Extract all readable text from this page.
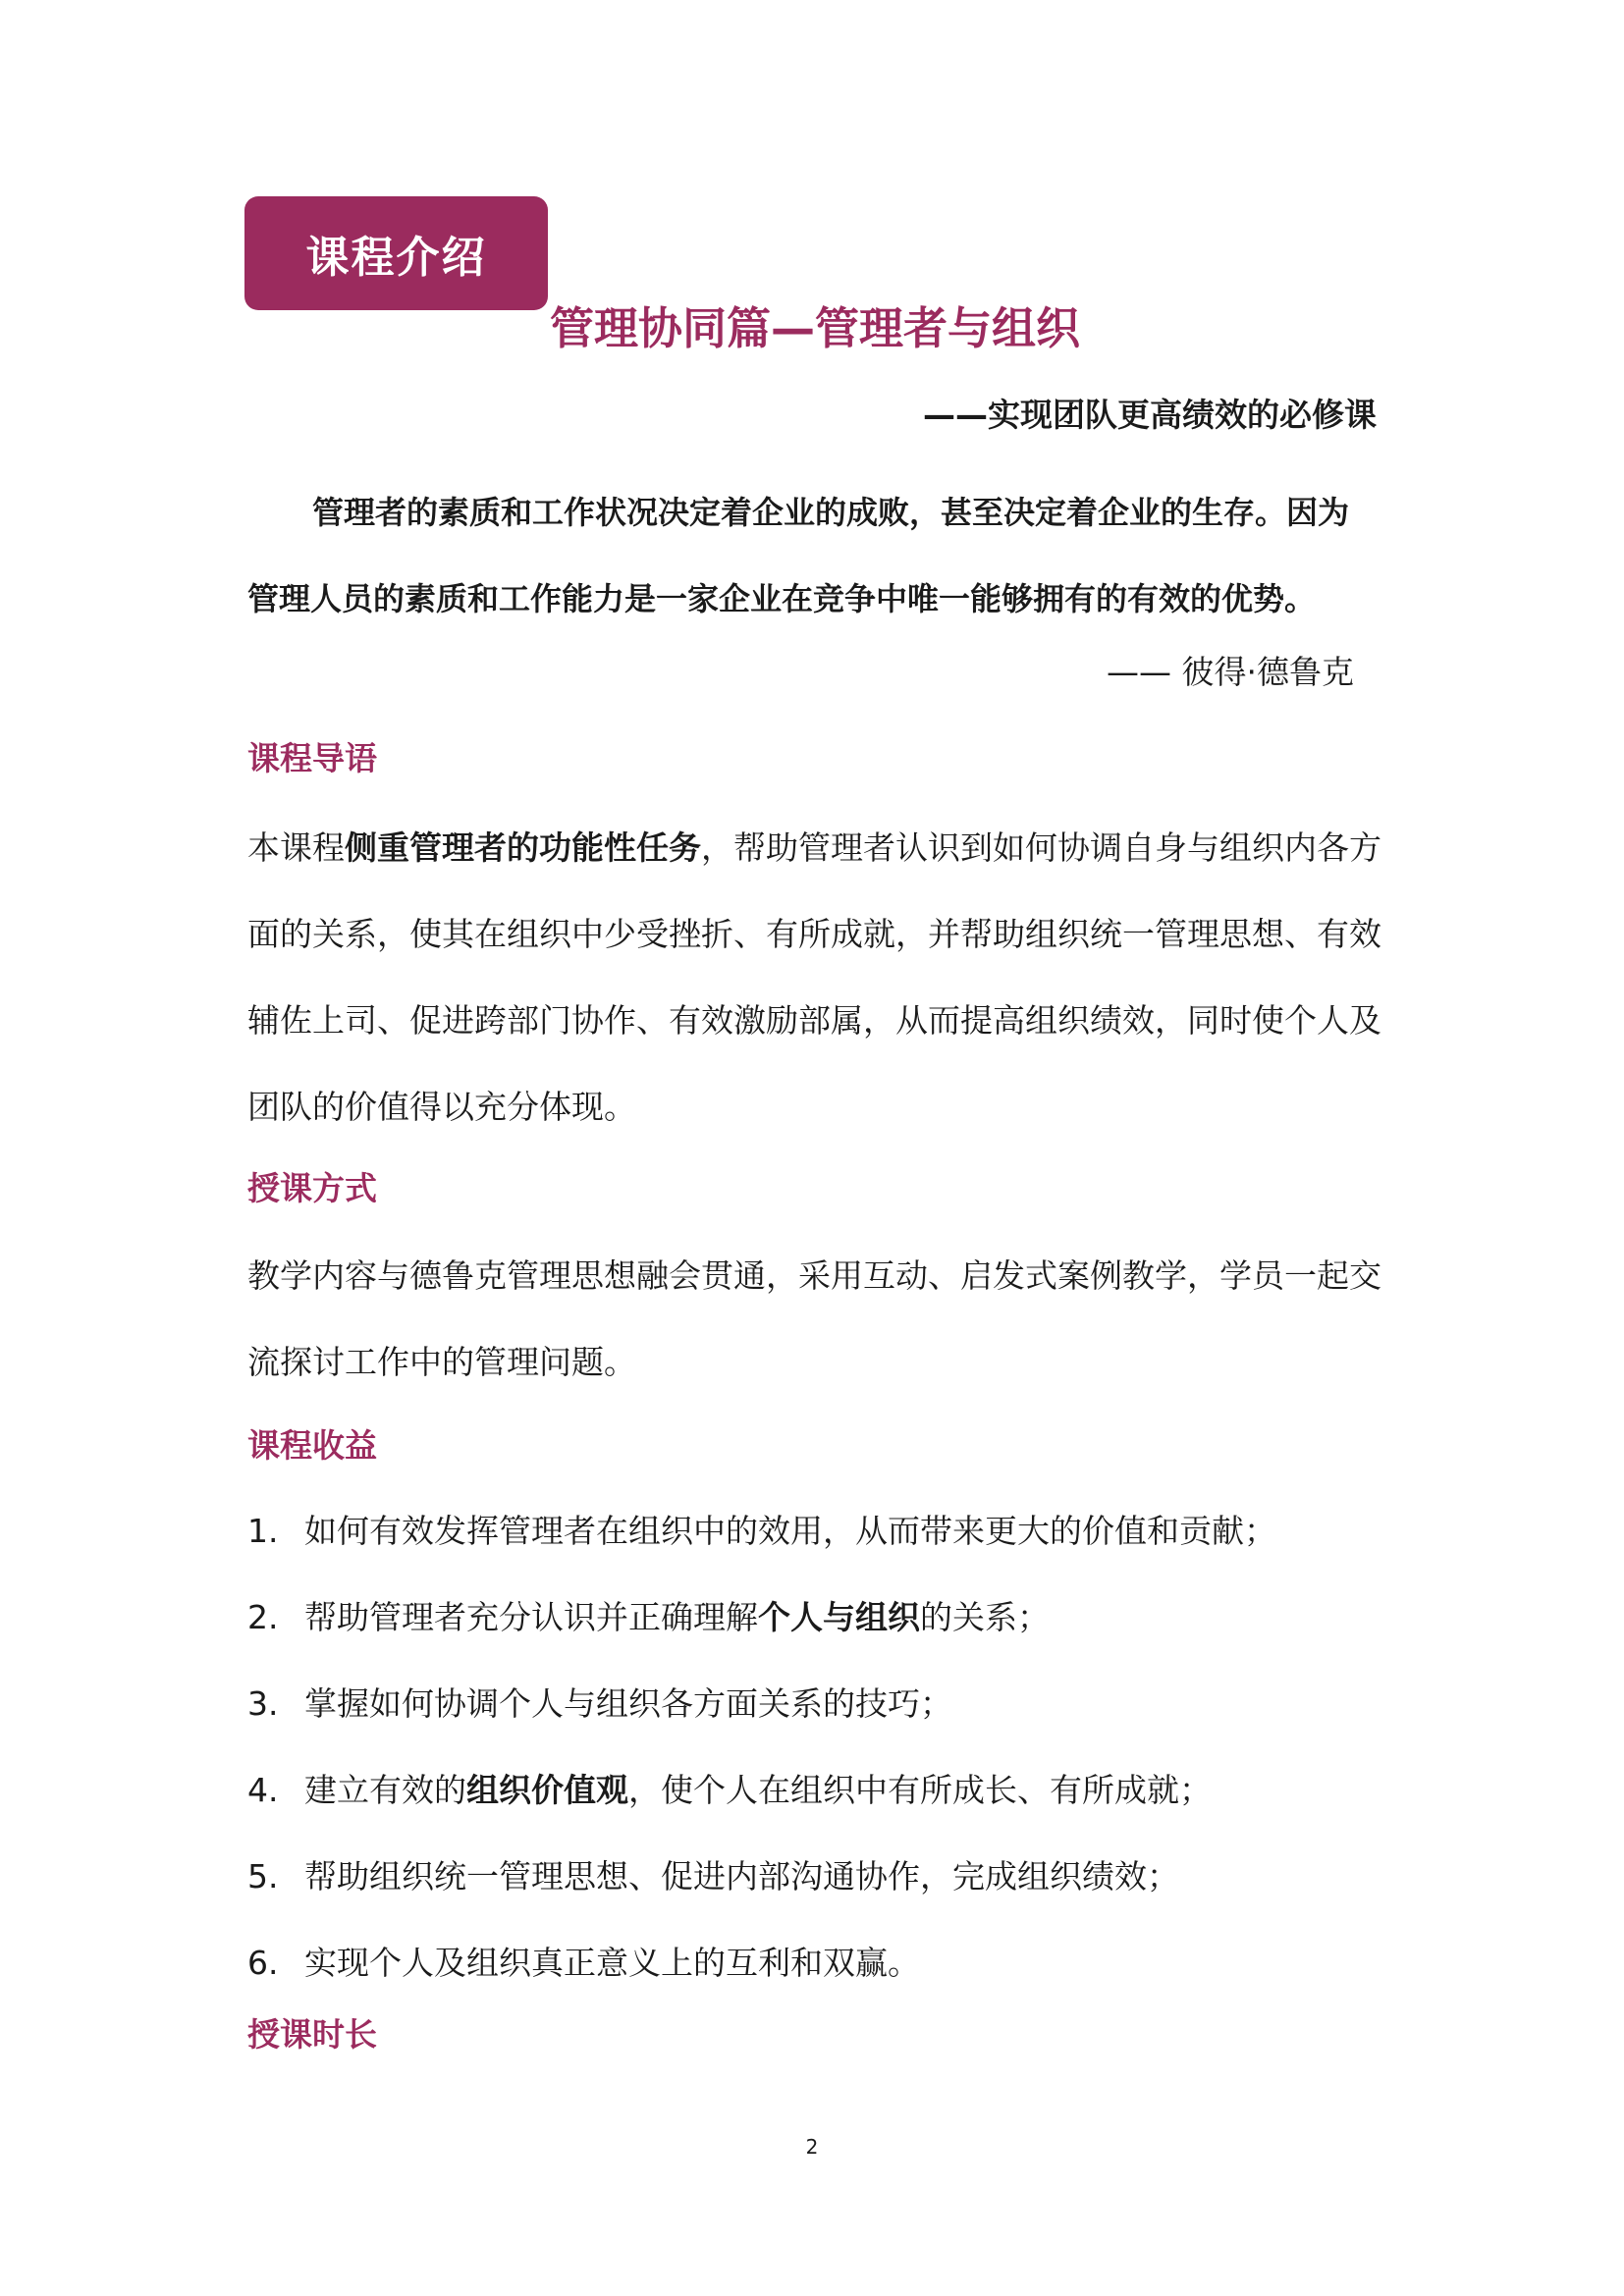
课程介绍
管理协同篇—管理者与组织
——实现团队更高绩效的必修课

管理者的素质和工作状况决定着企业的成败，甚至决定着企业的生存。因为

管理人员的素质和工作能力是一家企业在竞争中唯一能够拥有的有效的优势。

—— 彼得·德鲁克
课程导语

本课程侧重管理者的功能性任务，帮助管理者认识到如何协调自身与组织内各方

面的关系，使其在组织中少受挫折、有所成就，并帮助组织统一管理思想、有效

辅佐上司、促进跨部门协作、有效激励部属，从而提高组织绩效，同时使个人及

团队的价值得以充分体现。

授课方式

教学内容与德鲁克管理思想融会贯通，采用互动、启发式案例教学，学员一起交

流探讨工作中的管理问题。

课程收益
1. 如何有效发挥管理者在组织中的效用，从而带来更大的价值和贡献；
2. 帮助管理者充分认识并正确理解个人与组织的关系；
3. 掌握如何协调个人与组织各方面关系的技巧；
4. 建立有效的组织价值观，使个人在组织中有所成长、有所成就；
5. 帮助组织统一管理思想、促进内部沟通协作，完成组织绩效；
6. 实现个人及组织真正意义上的互利和双赢。
授课时长
2
